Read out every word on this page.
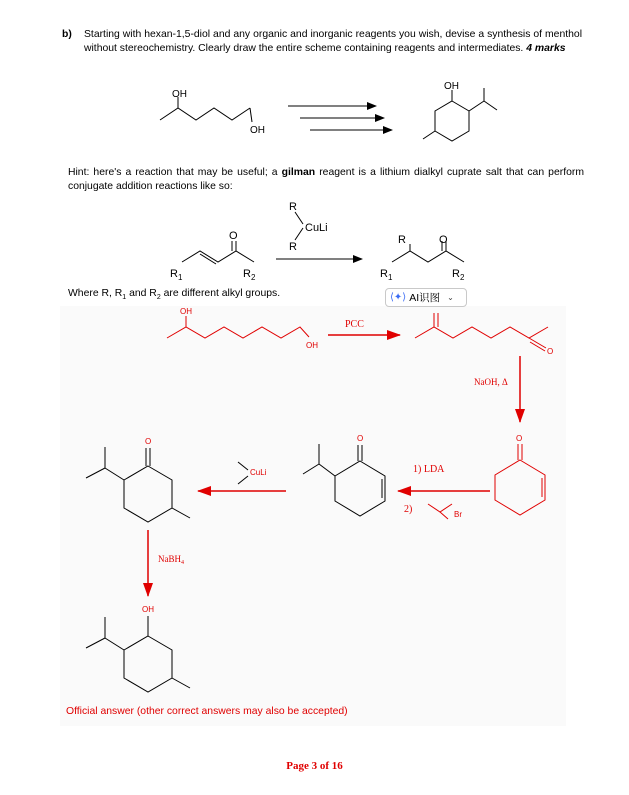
b) Starting with hexan-1,5-diol and any organic and inorganic reagents you wish, devise a synthesis of menthol without stereochemistry. Clearly draw the entire scheme containing reagents and intermediates. 4 marks
Hint: here's a reaction that may be useful; a gilman reagent is a lithium dialkyl cuprate salt that can perform conjugate addition reactions like so:
Where R, $R_1$ and $R_2$ are different alkyl groups.	⟨✦⟩ AI识图 ⌄
OH
OH
OH
O
$R_1$	$R_2$
R
CuLi
R
R	O
$R_1$	$R_2$
OH
OH
PCC
O
NaOH, Δ
O
1) LDA
2)	Br
O
CuLi
O
NaBH$_4$
OH
Official answer (other correct answers may also be accepted)
Page 3 of 16
